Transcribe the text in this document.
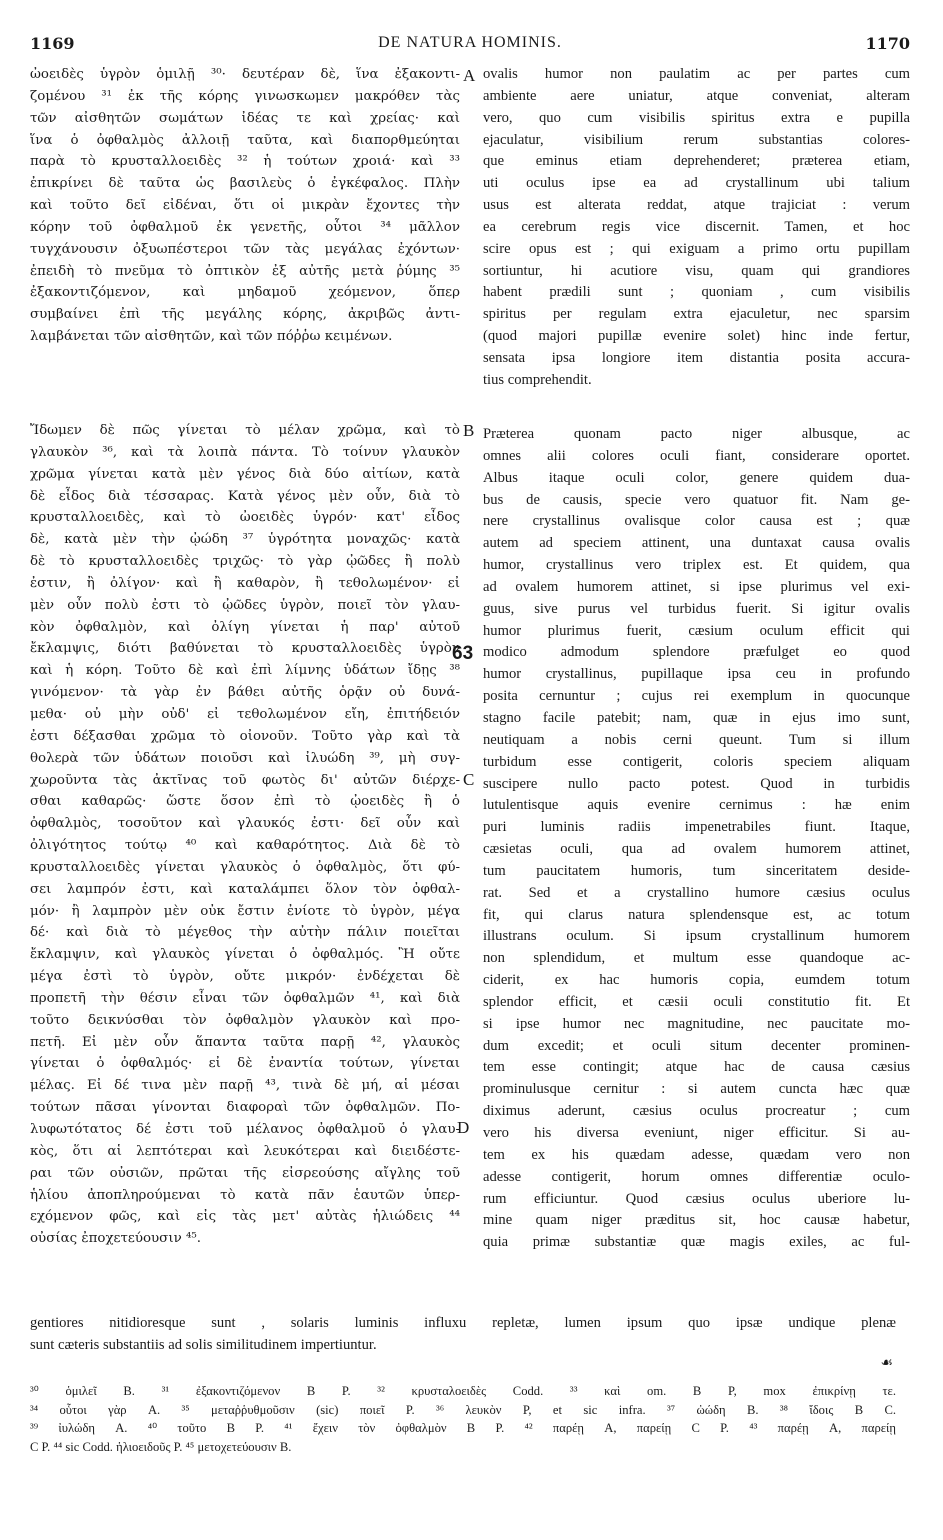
1169	DE NATURA HOMINIS.	1170
ὠοειδὲς ὑγρὸν ὁμιλῇ ³⁰· δευτέραν δὲ, ἵνα ἐξακοντι-
ζομένου ³¹ ἐκ τῆς κόρης γινωσκωμεν μακρόθεν τὰς
τῶν αἰσθητῶν σωμάτων ἰδέας τε καὶ χρείας· καὶ
ἵνα ὁ ὀφθαλμὸς ἀλλοιῇ ταῦτα, καὶ διαπορθμεύηται
παρὰ τὸ κρυσταλλοειδὲς ³² ἡ τούτων χροιά· καὶ ³³
ἐπικρίνει δὲ ταῦτα ὡς βασιλεὺς ὁ ἐγκέφαλος. Πλὴν
καὶ τοῦτο δεῖ εἰδέναι, ὅτι οἱ μικρὰν ἔχοντες τὴν
κόρην τοῦ ὀφθαλμοῦ ἐκ γενετῆς, οὗτοι ³⁴ μᾶλλον
τυγχάνουσιν ὀξυωπέστεροι τῶν τὰς μεγάλας ἐχόντων·
ἐπειδὴ τὸ πνεῦμα τὸ ὀπτικὸν ἐξ αὐτῆς μετὰ ῥύμης ³⁵
ἐξακοντιζόμενον, καὶ μηδαμοῦ χεόμενον, ὅπερ
συμβαίνει ἐπὶ τῆς μεγάλης κόρης, ἀκριβῶς ἀντι-
λαμβάνεται τῶν αἰσθητῶν, καὶ τῶν πόῤῥω κειμένων.
Ἴδωμεν δὲ πῶς γίνεται τὸ μέλαν χρῶμα, καὶ τὸ
γλαυκὸν ³⁶, καὶ τὰ λοιπὰ πάντα. Τὸ τοίνυν γλαυκὸν
χρῶμα γίνεται κατὰ μὲν γένος διὰ δύο αἰτίων, κατὰ
δὲ εἶδος διὰ τέσσαρας. Κατὰ γένος μὲν οὖν, διὰ τὸ
κρυσταλλοειδὲς, καὶ τὸ ὠοειδὲς ὑγρόν· κατ' εἶδος
δὲ, κατὰ μὲν τὴν ᾠώδη ³⁷ ὑγρότητα μοναχῶς· κατὰ
δὲ τὸ κρυσταλλοειδὲς τριχῶς· τὸ γὰρ ᾠῶδες ἢ πολὺ
ἐστιν, ἢ ὀλίγον· καὶ ἢ καθαρὸν, ἢ τεθολωμένον· εἰ
μὲν οὖν πολὺ ἐστι τὸ ᾠῶδες ὑγρὸν, ποιεῖ τὸν γλαυ-
κὸν ὀφθαλμὸν, καὶ ὀλίγη γίνεται ἡ παρ' αὐτοῦ
ἔκλαμψις, διότι βαθύνεται τὸ κρυσταλλοειδὲς ὑγρὸν
καὶ ἡ κόρη. Τοῦτο δὲ καὶ ἐπὶ λίμνης ὑδάτων ἴδῃς ³⁸
γινόμενον· τὰ γὰρ ἐν βάθει αὐτῆς ὁρᾷν οὐ δυνά-
μεθα· οὐ μὴν οὐδ' εἰ τεθολωμένον εἴη, ἐπιτήδειόν
ἐστι δέξασθαι χρῶμα τὸ οἰονοῦν. Τοῦτο γὰρ καὶ τὰ
θολερὰ τῶν ὑδάτων ποιοῦσι καὶ ἰλυώδη ³⁹, μὴ συγ-
χωροῦντα τὰς ἀκτῖνας τοῦ φωτὸς δι' αὐτῶν διέρχε-
σθαι καθαρῶς· ὥστε ὅσον ἐπὶ τὸ ᾠοειδὲς ἢ ὁ
ὀφθαλμὸς, τοσοῦτον καὶ γλαυκός ἐστι· δεῖ οὖν καὶ
ὀλιγότητος τούτῳ ⁴⁰ καὶ καθαρότητος. Διὰ δὲ τὸ
κρυσταλλοειδὲς γίνεται γλαυκὸς ὁ ὀφθαλμὸς, ὅτι φύ-
σει λαμπρόν ἐστι, καὶ καταλάμπει ὅλον τὸν ὀφθαλ-
μόν· ἢ λαμπρὸν μὲν οὐκ ἔστιν ἐνίοτε τὸ ὑγρὸν, μέγα
δέ· καὶ διὰ τὸ μέγεθος τὴν αὐτὴν πάλιν ποιεῖται
ἔκλαμψιν, καὶ γλαυκὸς γίνεται ὁ ὀφθαλμός. Ἢ οὔτε
μέγα ἐστὶ τὸ ὑγρὸν, οὔτε μικρόν· ἐνδέχεται δὲ
προπετῆ τὴν θέσιν εἶναι τῶν ὀφθαλμῶν ⁴¹, καὶ διὰ
τοῦτο δεικνύσθαι τὸν ὀφθαλμὸν γλαυκὸν καὶ προ-
πετῆ. Εἰ μὲν οὖν ἅπαντα ταῦτα παρῇ ⁴², γλαυκὸς
γίνεται ὁ ὀφθαλμός· εἰ δὲ ἐναντία τούτων, γίνεται
μέλας. Εἰ δέ τινα μὲν παρῇ ⁴³, τινὰ δὲ μή, αἱ μέσαι
τούτων πᾶσαι γίνονται διαφοραὶ τῶν ὀφθαλμῶν. Πο-
λυφωτότατος δέ ἐστι τοῦ μέλανος ὀφθαλμοῦ ὁ γλαυ-
κὸς, ὅτι αἱ λεπτότεραι καὶ λευκότεραι καὶ διειδέστε-
ραι τῶν οὐσιῶν, πρῶται τῆς εἰσρεούσης αἴγλης τοῦ
ἡλίου ἀποπληρούμεναι τὸ κατὰ πᾶν ἑαυτῶν ὑπερ-
εχόμενον φῶς, καὶ εἰς τὰς μετ' αὐτὰς ἡλιώδεις ⁴⁴
οὐσίας ἐποχετεύουσιν ⁴⁵.
ovalis humor non paulatim ac per partes cum
ambiente aere uniatur, atque conveniat, alteram
vero, quo cum visibilis spiritus extra e pupilla
ejaculatur, visibilium rerum substantias colores-
que eminus etiam deprehenderet; præterea etiam,
uti oculus ipse ea ad crystallinum ubi talium
usus est alterata reddat, atque trajiciat : verum
ea cerebrum regis vice discernit. Tamen, et hoc
scire opus est ; qui exiguam a primo ortu pupillam
sortiuntur, hi acutiore visu, quam qui grandiores
habent prædili sunt ; quoniam , cum visibilis
spiritus per regulam extra ejaculetur, nec sparsim
(quod majori pupillæ evenire solet) hinc inde fertur,
sensata ipsa longiore item distantia posita accura-
tius comprehendit.
Præterea quonam pacto niger albusque, ac
omnes alii colores oculi fiant, considerare oportet.
Albus itaque oculi color, genere quidem dua-
bus de causis, specie vero quatuor fit. Nam ge-
nere crystallinus ovalisque color causa est ; quæ
autem ad speciem attinent, una duntaxat causa ovalis
humor, crystallinus vero triplex est. Et quidem, qua
ad ovalem humorem attinet, si ipse plurimus vel exi-
guus, sive purus vel turbidus fuerit. Si igitur ovalis
humor plurimus fuerit, cæsium oculum efficit qui
modico admodum splendore præfulget eo quod
humor crystallinus, pupillaque ipsa ceu in profundo
posita cernuntur ; cujus rei exemplum in quocunque
stagno facile patebit; nam, quæ in ejus imo sunt,
neutiquam a nobis cerni queunt. Tum si illum
turbidum esse contigerit, coloris speciem aliquam
suscipere nullo pacto potest. Quod in turbidis
lutulentisque aquis evenire cernimus : hæ enim
puri luminis radiis impenetrabiles fiunt. Itaque,
cæsietas oculi, qua ad ovalem humorem attinet,
tum paucitatem humoris, tum sinceritatem deside-
rat. Sed et a crystallino humore cæsius oculus
fit, qui clarus natura splendensque est, ac totum
illustrans oculum. Si ipsum crystallinum humorem
non splendidum, et multum esse quandoque ac-
ciderit, ex hac humoris copia, eumdem totum
splendor efficit, et cæsii oculi constitutio fit. Et
si ipse humor nec magnitudine, nec paucitate mo-
dum excedit; et oculi situm decenter prominen-
tem esse contingit; atque hac de causa cæsius
prominulusque cernitur : si autem cuncta hæc quæ
diximus aderunt, cæsius oculus procreatur ; cum
vero his diversa eveniunt, niger efficitur. Si au-
tem ex his quædam adesse, quædam vero non
adesse contigerit, horum omnes differentiæ oculo-
rum efficiuntur. Quod cæsius oculus uberiore lu-
mine quam niger præditus sit, hoc causæ habetur,
quia primæ substantiæ quæ magis exiles, ac ful-
A
B
C
D
63
gentiores nitidioresque sunt , solaris luminis influxu repletæ, lumen ipsum quo ipsæ undique plenæ
sunt cæteris substantiis ad solis similitudinem impertiuntur.
☙
³⁰ ὁμιλεῖ B. ³¹ ἐξακοντιζόμενον B P. ³² κρυσταλοειδὲς Codd. ³³ καὶ om. B P, mox ἐπικρίνῃ τε.
³⁴ οὗτοι γὰρ A. ³⁵ μεταῤῥυθμοῦσιν (sic) ποιεῖ P. ³⁶ λευκὸν P, et sic infra. ³⁷ ὠώδη B. ³⁸ ἴδοις B C.
³⁹ ἰυλώδη A. ⁴⁰ τοῦτο B P. ⁴¹ ἔχειν τὸν ὀφθαλμὸν B P. ⁴² παρέῃ A, παρείῃ C P. ⁴³ παρέῃ A, παρείῃ
C P. ⁴⁴ sic Codd. ἡλιοειδοῦς P. ⁴⁵ μετοχετεύουσιν B.
